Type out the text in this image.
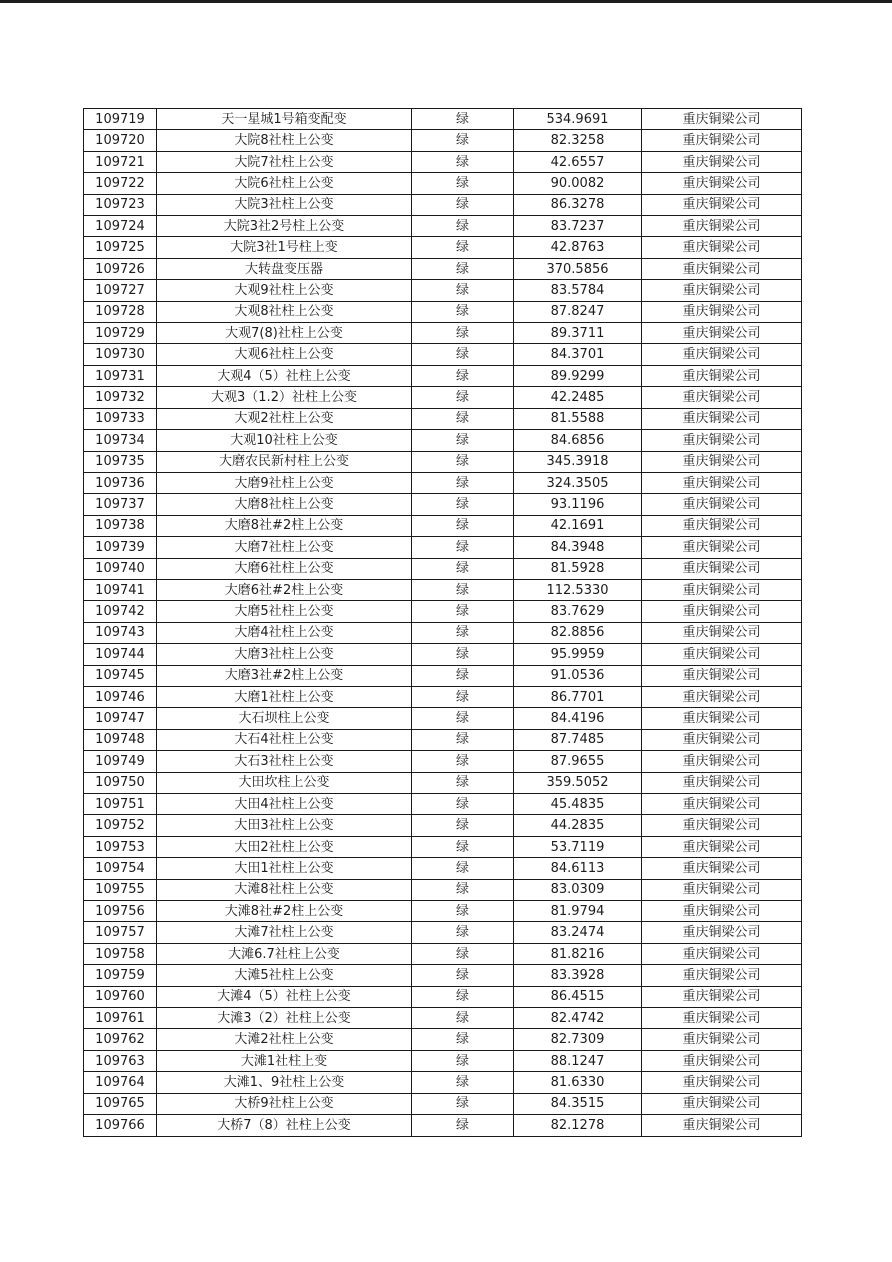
109719	天一星城1号箱变配变	绿	534.9691	重庆铜梁公司
109720	大院8社柱上公变	绿	82.3258	重庆铜梁公司
109721	大院7社柱上公变	绿	42.6557	重庆铜梁公司
109722	大院6社柱上公变	绿	90.0082	重庆铜梁公司
109723	大院3社柱上公变	绿	86.3278	重庆铜梁公司
109724	大院3社2号柱上公变	绿	83.7237	重庆铜梁公司
109725	大院3社1号柱上变	绿	42.8763	重庆铜梁公司
109726	大转盘变压器	绿	370.5856	重庆铜梁公司
109727	大观9社柱上公变	绿	83.5784	重庆铜梁公司
109728	大观8社柱上公变	绿	87.8247	重庆铜梁公司
109729	大观7(8)社柱上公变	绿	89.3711	重庆铜梁公司
109730	大观6社柱上公变	绿	84.3701	重庆铜梁公司
109731	大观4（5）社柱上公变	绿	89.9299	重庆铜梁公司
109732	大观3（1.2）社柱上公变	绿	42.2485	重庆铜梁公司
109733	大观2社柱上公变	绿	81.5588	重庆铜梁公司
109734	大观10社柱上公变	绿	84.6856	重庆铜梁公司
109735	大磨农民新村柱上公变	绿	345.3918	重庆铜梁公司
109736	大磨9社柱上公变	绿	324.3505	重庆铜梁公司
109737	大磨8社柱上公变	绿	93.1196	重庆铜梁公司
109738	大磨8社#2柱上公变	绿	42.1691	重庆铜梁公司
109739	大磨7社柱上公变	绿	84.3948	重庆铜梁公司
109740	大磨6社柱上公变	绿	81.5928	重庆铜梁公司
109741	大磨6社#2柱上公变	绿	112.5330	重庆铜梁公司
109742	大磨5社柱上公变	绿	83.7629	重庆铜梁公司
109743	大磨4社柱上公变	绿	82.8856	重庆铜梁公司
109744	大磨3社柱上公变	绿	95.9959	重庆铜梁公司
109745	大磨3社#2柱上公变	绿	91.0536	重庆铜梁公司
109746	大磨1社柱上公变	绿	86.7701	重庆铜梁公司
109747	大石坝柱上公变	绿	84.4196	重庆铜梁公司
109748	大石4社柱上公变	绿	87.7485	重庆铜梁公司
109749	大石3社柱上公变	绿	87.9655	重庆铜梁公司
109750	大田坎柱上公变	绿	359.5052	重庆铜梁公司
109751	大田4社柱上公变	绿	45.4835	重庆铜梁公司
109752	大田3社柱上公变	绿	44.2835	重庆铜梁公司
109753	大田2社柱上公变	绿	53.7119	重庆铜梁公司
109754	大田1社柱上公变	绿	84.6113	重庆铜梁公司
109755	大滩8社柱上公变	绿	83.0309	重庆铜梁公司
109756	大滩8社#2柱上公变	绿	81.9794	重庆铜梁公司
109757	大滩7社柱上公变	绿	83.2474	重庆铜梁公司
109758	大滩6.7社柱上公变	绿	81.8216	重庆铜梁公司
109759	大滩5社柱上公变	绿	83.3928	重庆铜梁公司
109760	大滩4（5）社柱上公变	绿	86.4515	重庆铜梁公司
109761	大滩3（2）社柱上公变	绿	82.4742	重庆铜梁公司
109762	大滩2社柱上公变	绿	82.7309	重庆铜梁公司
109763	大滩1社柱上变	绿	88.1247	重庆铜梁公司
109764	大滩1、9社柱上公变	绿	81.6330	重庆铜梁公司
109765	大桥9社柱上公变	绿	84.3515	重庆铜梁公司
109766	大桥7（8）社柱上公变	绿	82.1278	重庆铜梁公司
